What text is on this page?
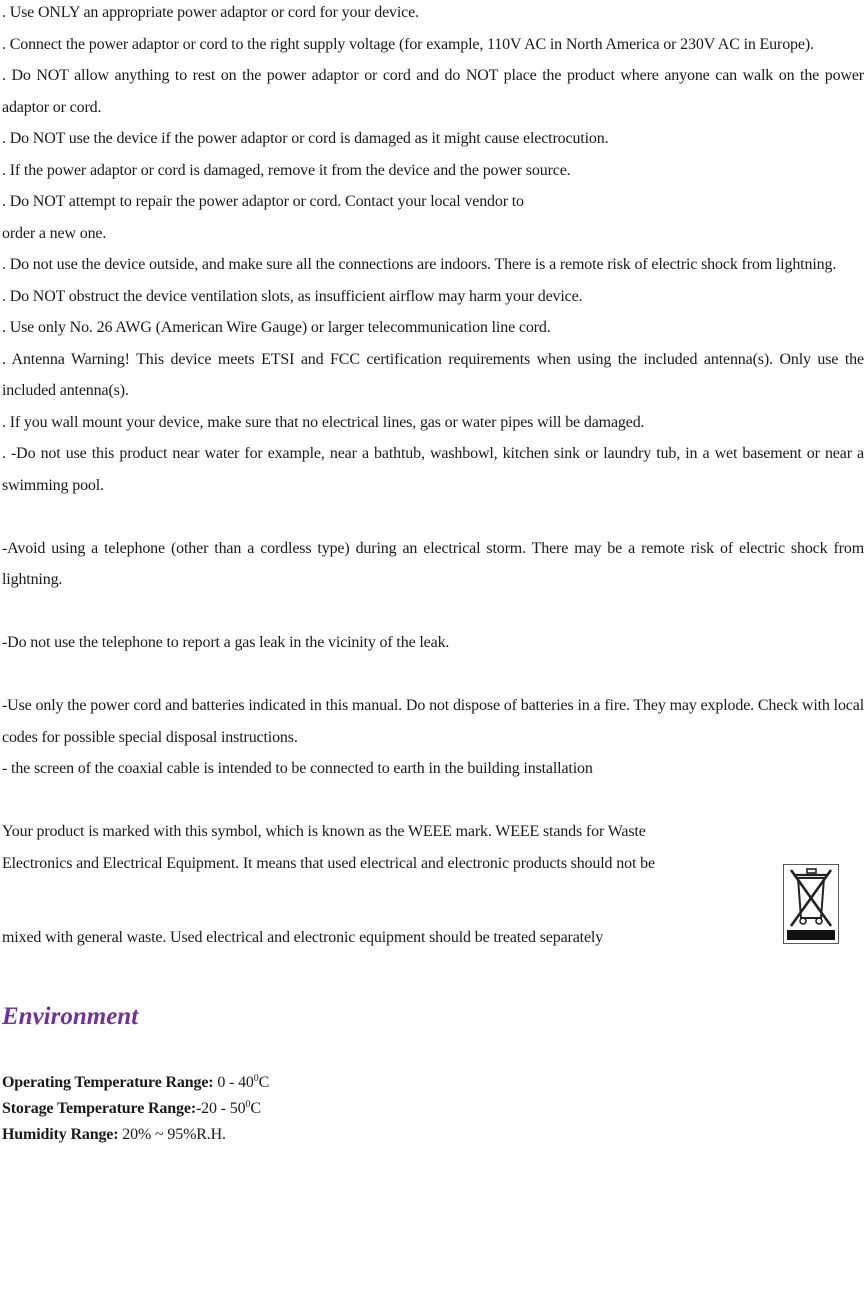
. Use ONLY an appropriate power adaptor or cord for your device.

. Connect the power adaptor or cord to the right supply voltage (for example, 110V AC in North America or 230V AC in Europe).

. Do NOT allow anything to rest on the power adaptor or cord and do NOT place the product where anyone can walk on the power adaptor or cord.

. Do NOT use the device if the power adaptor or cord is damaged as it might cause electrocution.

. If the power adaptor or cord is damaged, remove it from the device and the power source.

. Do NOT attempt to repair the power adaptor or cord. Contact your local vendor to

order a new one.

. Do not use the device outside, and make sure all the connections are indoors. There is a remote risk of electric shock from lightning.

. Do NOT obstruct the device ventilation slots, as insufficient airflow may harm your device.

. Use only No. 26 AWG (American Wire Gauge) or larger telecommunication line cord.

. Antenna Warning! This device meets ETSI and FCC certification requirements when using the included antenna(s). Only use the included antenna(s).

. If you wall mount your device, make sure that no electrical lines, gas or water pipes will be damaged.

. -Do not use this product near water for example, near a bathtub, washbowl, kitchen sink or laundry tub, in a wet basement or near a swimming pool.

-Avoid using a telephone (other than a cordless type) during an electrical storm. There may be a remote risk of electric shock from lightning.

-Do not use the telephone to report a gas leak in the vicinity of the leak.

-Use only the power cord and batteries indicated in this manual. Do not dispose of batteries in a fire. They may explode. Check with local codes for possible special disposal instructions.

- the screen of the coaxial cable is intended to be connected to earth in the building installation

Your product is marked with this symbol, which is known as the WEEE mark. WEEE stands for Waste

Electronics and Electrical Equipment. It means that used electrical and electronic products should not be

mixed with general waste. Used electrical and electronic equipment should be treated separately

Environment

Operating Temperature Range: $0 - 40^0C$

Storage Temperature Range:-20 - $50^0C$

Humidity Range: 20% ~ 95%R.H.
